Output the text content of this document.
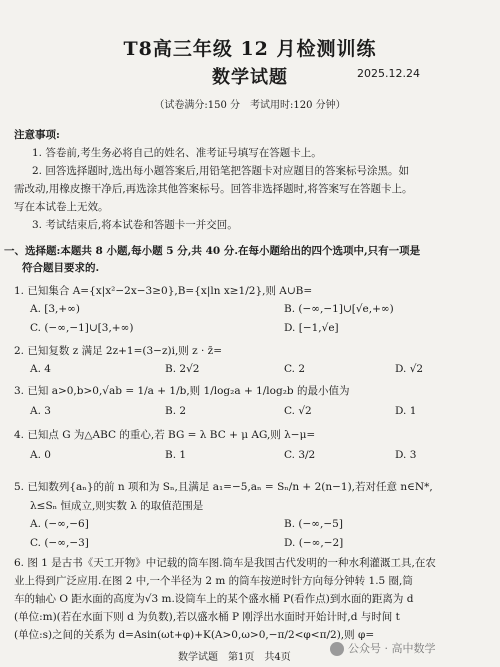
T8高三年级 12 月检测训练
数学试题	2025.12.24
（试卷满分:150 分　考试用时:120 分钟）
注意事项:
1. 答卷前,考生务必将自己的姓名、准考证号填写在答题卡上。
2. 回答选择题时,选出每小题答案后,用铅笔把答题卡对应题目的答案标号涂黑。如
需改动,用橡皮擦干净后,再选涂其他答案标号。回答非选择题时,将答案写在答题卡上。
写在本试卷上无效。
3. 考试结束后,将本试卷和答题卡一并交回。
一、选择题:本题共 8 小题,每小题 5 分,共 40 分.在每小题给出的四个选项中,只有一项是
符合题目要求的.
1. 已知集合 A={x|x²−2x−3≥0},B={x|ln x≥1/2},则 A∪B=
A. [3,+∞)	B. (−∞,−1]∪[√e,+∞)
C. (−∞,−1]∪[3,+∞)	D. [−1,√e]
2. 已知复数 z 满足 2z+1=(3−z)i,则 z · z̄=
A. 4	B. 2√2	C. 2	D. √2
3. 已知 a>0,b>0,√ab = 1/a + 1/b,则 1/log₂a + 1/log₂b 的最小值为
A. 3	B. 2	C. √2	D. 1
4. 已知点 G 为△ABC 的重心,若 BG = λ BC + μ AG,则 λ−μ=
A. 0	B. 1	C. 3/2	D. 3
5. 已知数列{aₙ}的前 n 项和为 Sₙ,且满足 a₁=−5,aₙ = Sₙ/n + 2(n−1),若对任意 n∈N*,
λ≤Sₙ 恒成立,则实数 λ 的取值范围是
A. (−∞,−6]	B. (−∞,−5]
C. (−∞,−3]	D. (−∞,−2]
6. 图 1 是古书《天工开物》中记载的筒车图.筒车是我国古代发明的一种水利灌溉工具,在农
业上得到广泛应用.在图 2 中,一个半径为 2 m 的筒车按逆时针方向每分钟转 1.5 圈,筒
车的轴心 O 距水面的高度为√3 m.设筒车上的某个盛水桶 P(看作点)到水面的距离为 d
(单位:m)(若在水面下则 d 为负数),若以盛水桶 P 刚浮出水面时开始计时,d 与时间 t
(单位:s)之间的关系为 d=Asin(ωt+φ)+K(A>0,ω>0,−π/2<φ<π/2),则 φ=
数学试题　第1页　共4页
公众号 · 高中数学
